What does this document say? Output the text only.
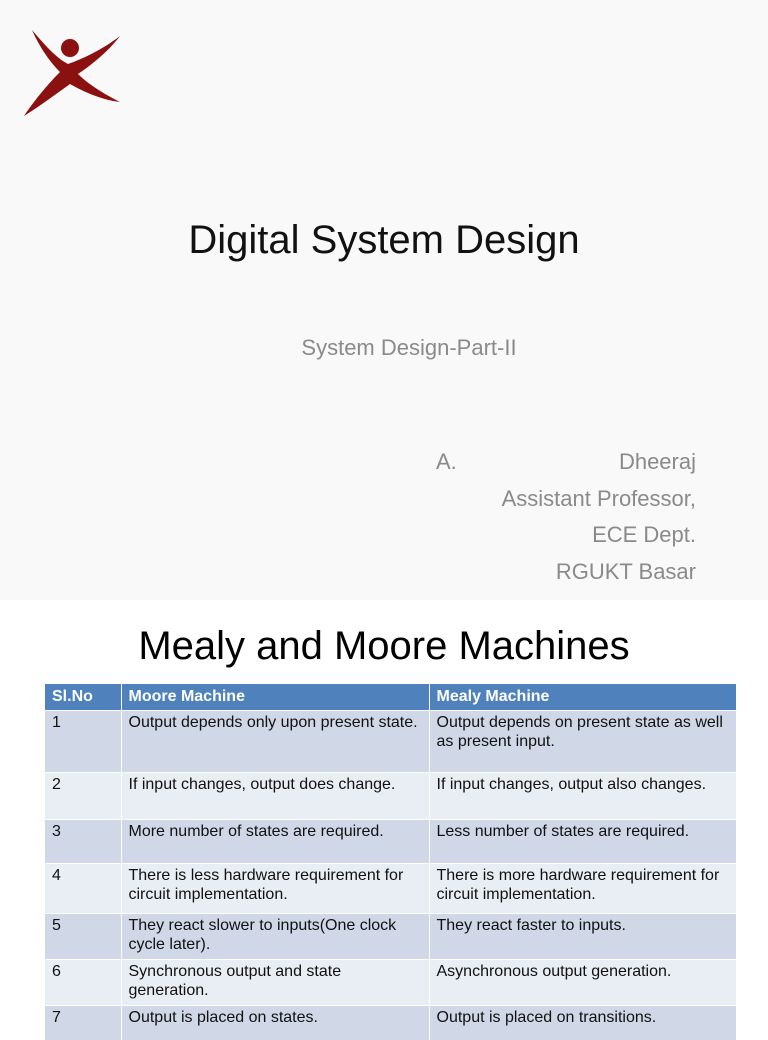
Digital System Design
System Design-Part-II
A.	Dheeraj
Assistant Professor,
ECE Dept.
RGUKT Basar
Mealy and Moore Machines
Sl.No	Moore Machine	Mealy Machine
1	Output depends only upon present state.	Output depends on present state as well as present input.
2	If input changes, output does change.	If input changes, output also changes.
3	More number of states are required.	Less number of states are required.
4	There is less hardware requirement for circuit implementation.	There is more hardware requirement for circuit implementation.
5	They react slower to inputs(One clock cycle later).	They react faster to inputs.
6	Synchronous output and state generation.	Asynchronous output generation.
7	Output is placed on states.	Output is placed on transitions.
